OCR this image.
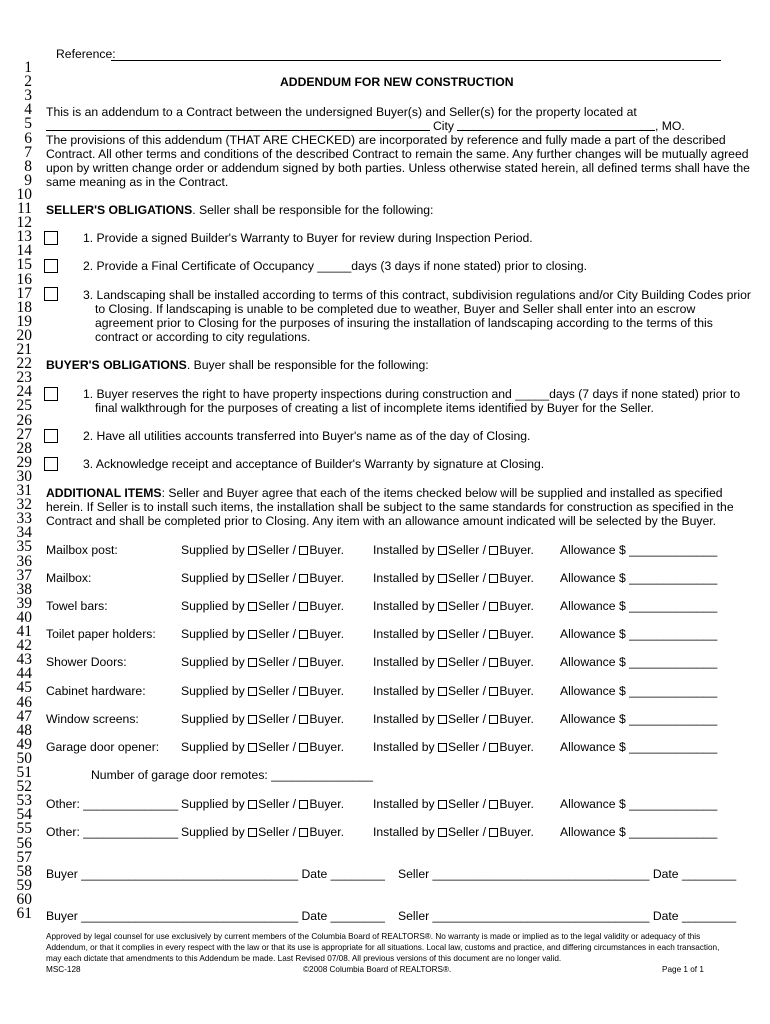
Reference:
1
2
3
4
5
6
7
8
9
10
11
12
13
14
15
16
17
18
19
20
21
22
23
24
25
26
27
28
29
30
31
32
33
34
35
36
37
38
39
40
41
42
43
44
45
46
47
48
49
50
51
52
53
54
55
56
57
58
59
60
61
ADDENDUM FOR NEW CONSTRUCTION
This is an addendum to a Contract between the undersigned Buyer(s) and Seller(s) for the property located at
City	, MO.
The provisions of this addendum (THAT ARE CHECKED) are incorporated by reference and fully made a part of the described
Contract. All other terms and conditions of the described Contract to remain the same. Any further changes will be mutually agreed
upon by written change order or addendum signed by both parties. Unless otherwise stated herein, all defined terms shall have the
same meaning as in the Contract.
SELLER'S OBLIGATIONS. Seller shall be responsible for the following:
1. Provide a signed Builder's Warranty to Buyer for review during Inspection Period.
2. Provide a Final Certificate of Occupancy _____days (3 days if none stated) prior to closing.
3. Landscaping shall be installed according to terms of this contract, subdivision regulations and/or City Building Codes prior
to Closing. If landscaping is unable to be completed due to weather, Buyer and Seller shall enter into an escrow
agreement prior to Closing for the purposes of insuring the installation of landscaping according to the terms of this
contract or according to city regulations.
BUYER'S OBLIGATIONS. Buyer shall be responsible for the following:
1. Buyer reserves the right to have property inspections during construction and _____days (7 days if none stated) prior to
final walkthrough for the purposes of creating a list of incomplete items identified by Buyer for the Seller.
2. Have all utilities accounts transferred into Buyer's name as of the day of Closing.
3. Acknowledge receipt and acceptance of Builder's Warranty by signature at Closing.
ADDITIONAL ITEMS: Seller and Buyer agree that each of the items checked below will be supplied and installed as specified
herein. If Seller is to install such items, the installation shall be subject to the same standards for construction as specified in the
Contract and shall be completed prior to Closing. Any item with an allowance amount indicated will be selected by the Buyer.
Mailbox post:	Supplied by Seller / Buyer. Installed by Seller / Buyer. Allowance $ _____________
Mailbox:	Supplied by Seller / Buyer. Installed by Seller / Buyer. Allowance $ _____________
Towel bars:	Supplied by Seller / Buyer. Installed by Seller / Buyer. Allowance $ _____________
Toilet paper holders: Supplied by Seller / Buyer. Installed by Seller / Buyer. Allowance $ _____________
Shower Doors:	Supplied by Seller / Buyer. Installed by Seller / Buyer. Allowance $ _____________
Cabinet hardware:	Supplied by Seller / Buyer. Installed by Seller / Buyer. Allowance $ _____________
Window screens:	Supplied by Seller / Buyer. Installed by Seller / Buyer. Allowance $ _____________
Garage door opener: Supplied by Seller / Buyer. Installed by Seller / Buyer. Allowance $ _____________
Other: ______________ Supplied by Seller / Buyer. Installed by Seller / Buyer. Allowance $ _____________
Other: ______________ Supplied by Seller / Buyer. Installed by Seller / Buyer. Allowance $ _____________
Number of garage door remotes: _______________
Buyer ________________________________ Date ________ Seller ________________________________ Date ________
Buyer ________________________________ Date ________ Seller ________________________________ Date ________
Approved by legal counsel for use exclusively by current members of the Columbia Board of REALTORS®. No warranty is made or implied as to the legal validity or adequacy of this
Addendum, or that it complies in every respect with the law or that its use is appropriate for all situations. Local law, customs and practice, and differing circumstances in each transaction,
may each dictate that amendments to this Addendum be made. Last Revised 07/08. All previous versions of this document are no longer valid.
MSC-128	©2008 Columbia Board of REALTORS®.	Page 1 of 1
